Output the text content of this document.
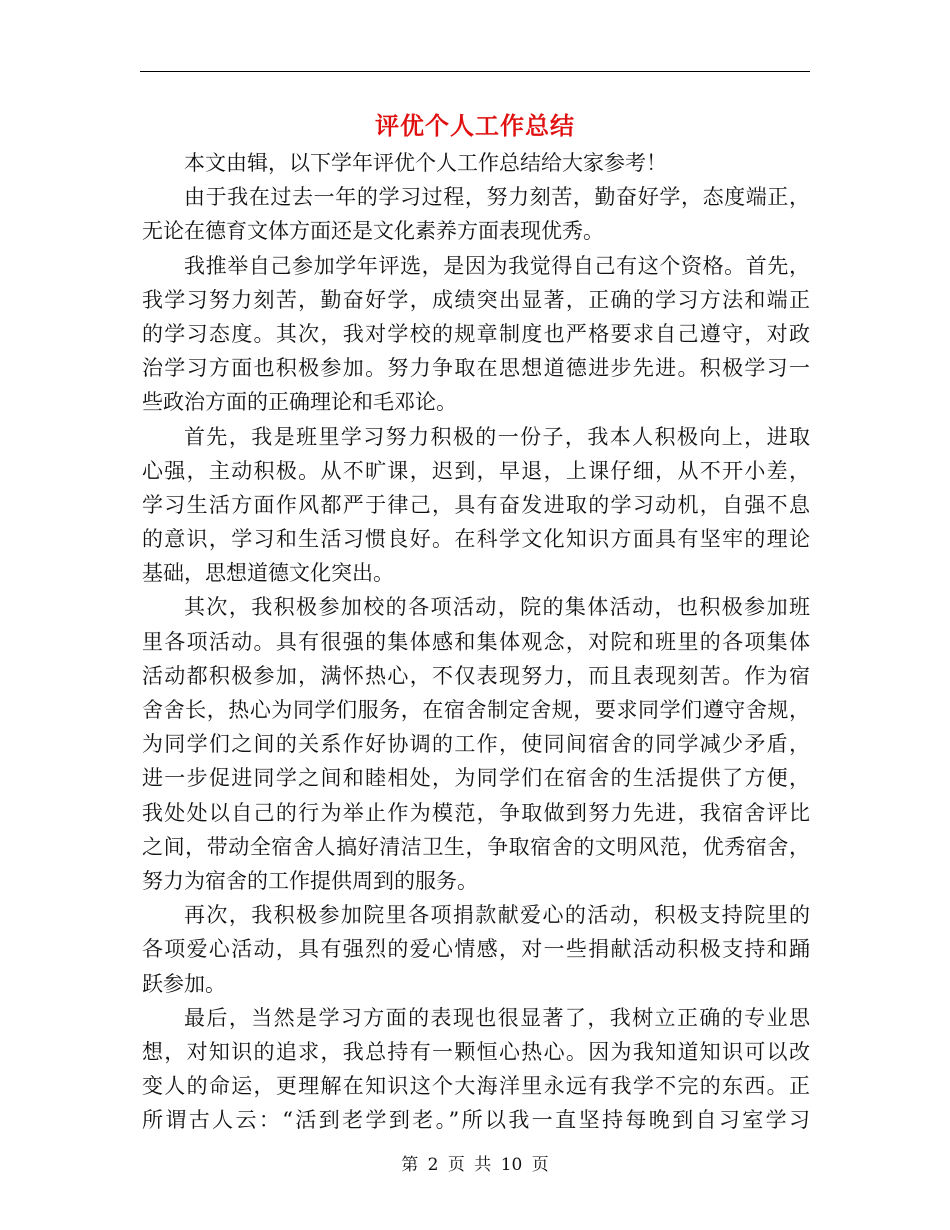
评优个人工作总结
本文由辑，以下学年评优个人工作总结给大家参考！
由于我在过去一年的学习过程，努力刻苦，勤奋好学，态度端正，
无论在德育文体方面还是文化素养方面表现优秀。
我推举自己参加学年评选，是因为我觉得自己有这个资格。首先，
我学习努力刻苦，勤奋好学，成绩突出显著，正确的学习方法和端正
的学习态度。其次，我对学校的规章制度也严格要求自己遵守，对政
治学习方面也积极参加。努力争取在思想道德进步先进。积极学习一
些政治方面的正确理论和毛邓论。
首先，我是班里学习努力积极的一份子，我本人积极向上，进取
心强，主动积极。从不旷课，迟到，早退，上课仔细，从不开小差，
学习生活方面作风都严于律己，具有奋发进取的学习动机，自强不息
的意识，学习和生活习惯良好。在科学文化知识方面具有坚牢的理论
基础，思想道德文化突出。
其次，我积极参加校的各项活动，院的集体活动，也积极参加班
里各项活动。具有很强的集体感和集体观念，对院和班里的各项集体
活动都积极参加，满怀热心，不仅表现努力，而且表现刻苦。作为宿
舍舍长，热心为同学们服务，在宿舍制定舍规，要求同学们遵守舍规，
为同学们之间的关系作好协调的工作，使同间宿舍的同学减少矛盾，
进一步促进同学之间和睦相处，为同学们在宿舍的生活提供了方便，
我处处以自己的行为举止作为模范，争取做到努力先进，我宿舍评比
之间，带动全宿舍人搞好清洁卫生，争取宿舍的文明风范，优秀宿舍，
努力为宿舍的工作提供周到的服务。
再次，我积极参加院里各项捐款献爱心的活动，积极支持院里的
各项爱心活动，具有强烈的爱心情感，对一些捐献活动积极支持和踊
跃参加。
最后，当然是学习方面的表现也很显著了，我树立正确的专业思
想，对知识的追求，我总持有一颗恒心热心。因为我知道知识可以改
变人的命运，更理解在知识这个大海洋里永远有我学不完的东西。正
所谓古人云：“活到老学到老。”所以我一直坚持每晚到自习室学习
第 2 页 共 10 页
